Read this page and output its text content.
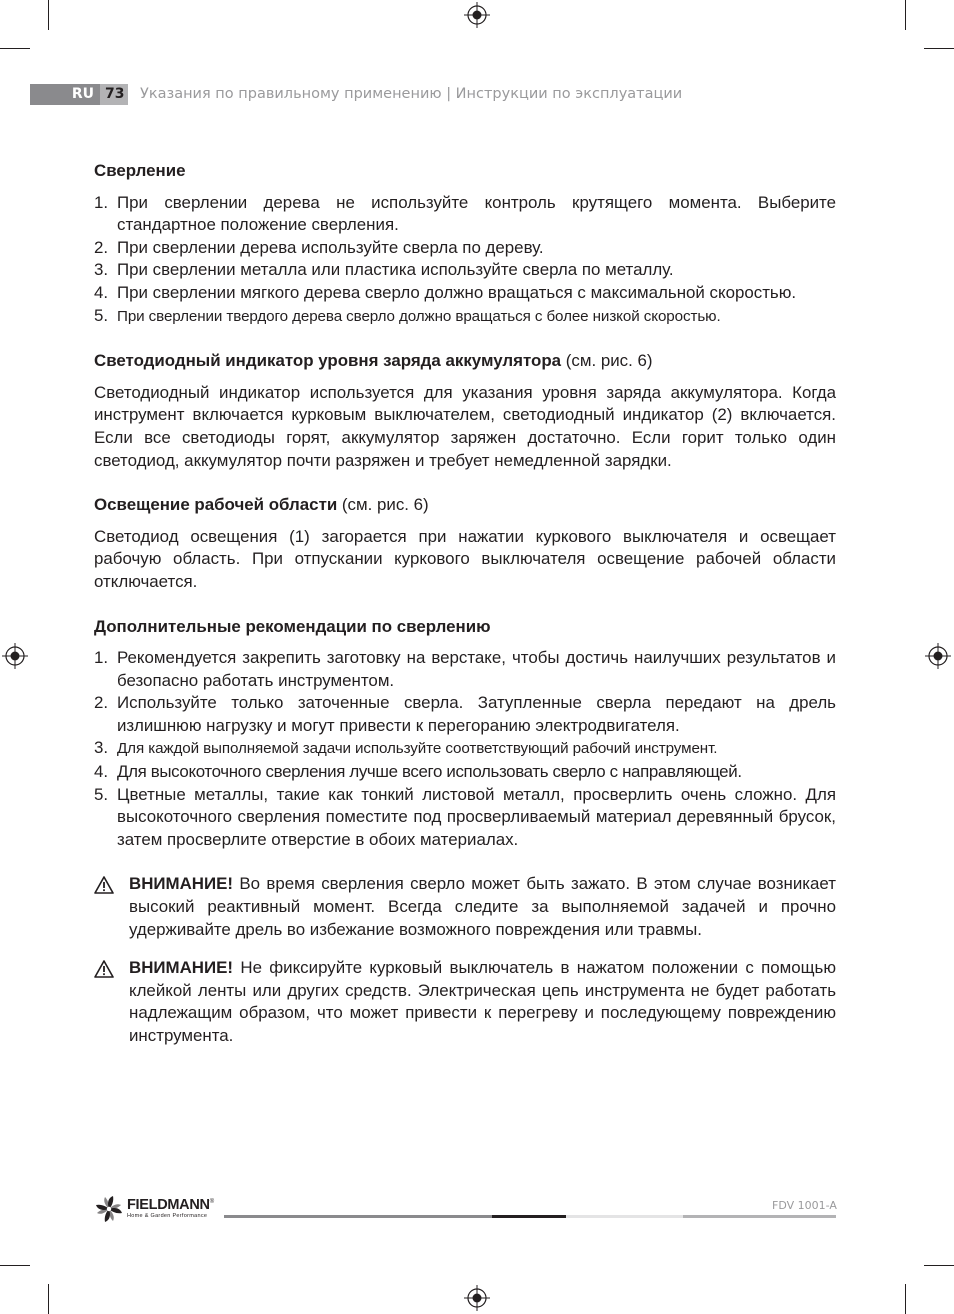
RU 73 Указания по правильному применению | Инструкции по эксплуатации
Сверление
1. При сверлении дерева не используйте контроль крутящего момента. Выберите стандартное положение сверления.
2. При сверлении дерева используйте сверла по дереву.
3. При сверлении металла или пластика используйте сверла по металлу.
4. При сверлении мягкого дерева сверло должно вращаться с максимальной скоростью.
5. При сверлении твердого дерева сверло должно вращаться с более низкой скоростью.
Светодиодный индикатор уровня заряда аккумулятора (см. рис. 6)

Светодиодный индикатор используется для указания уровня заряда аккумулятора. Когда инструмент включается курковым выключателем, светодиодный индикатор (2) включается. Если все светодиоды горят, аккумулятор заряжен достаточно. Если горит только один светодиод, аккумулятор почти разряжен и требует немедленной зарядки.

Освещение рабочей области (см. рис. 6)

Светодиод освещения (1) загорается при нажатии куркового выключателя и освещает рабочую область. При отпускании куркового выключателя освещение рабочей области отключается.

Дополнительные рекомендации по сверлению
1. Рекомендуется закрепить заготовку на верстаке, чтобы достичь наилучших результатов и безопасно работать инструментом.
2. Используйте только заточенные сверла. Затупленные сверла передают на дрель излишнюю нагрузку и могут привести к перегоранию электродвигателя.
3. Для каждой выполняемой задачи используйте соответствующий рабочий инструмент.
4. Для высокоточного сверления лучше всего использовать сверло с направляющей.
5. Цветные металлы, такие как тонкий листовой металл, просверлить очень сложно. Для высокоточного сверления поместите под просверливаемый материал деревянный брусок, затем просверлите отверстие в обоих материалах.
ВНИМАНИЕ! Во время сверления сверло может быть зажато. В этом случае возникает высокий реактивный момент. Всегда следите за выполняемой задачей и прочно удерживайте дрель во избежание возможного повреждения или травмы.
ВНИМАНИЕ! Не фиксируйте курковый выключатель в нажатом положении с помощью клейкой ленты или других средств. Электрическая цепь инструмента не будет работать надлежащим образом, что может привести к перегреву и последующему повреждению инструмента.
FIELDMANN®
Home & Garden Performance
FDV 1001-A
